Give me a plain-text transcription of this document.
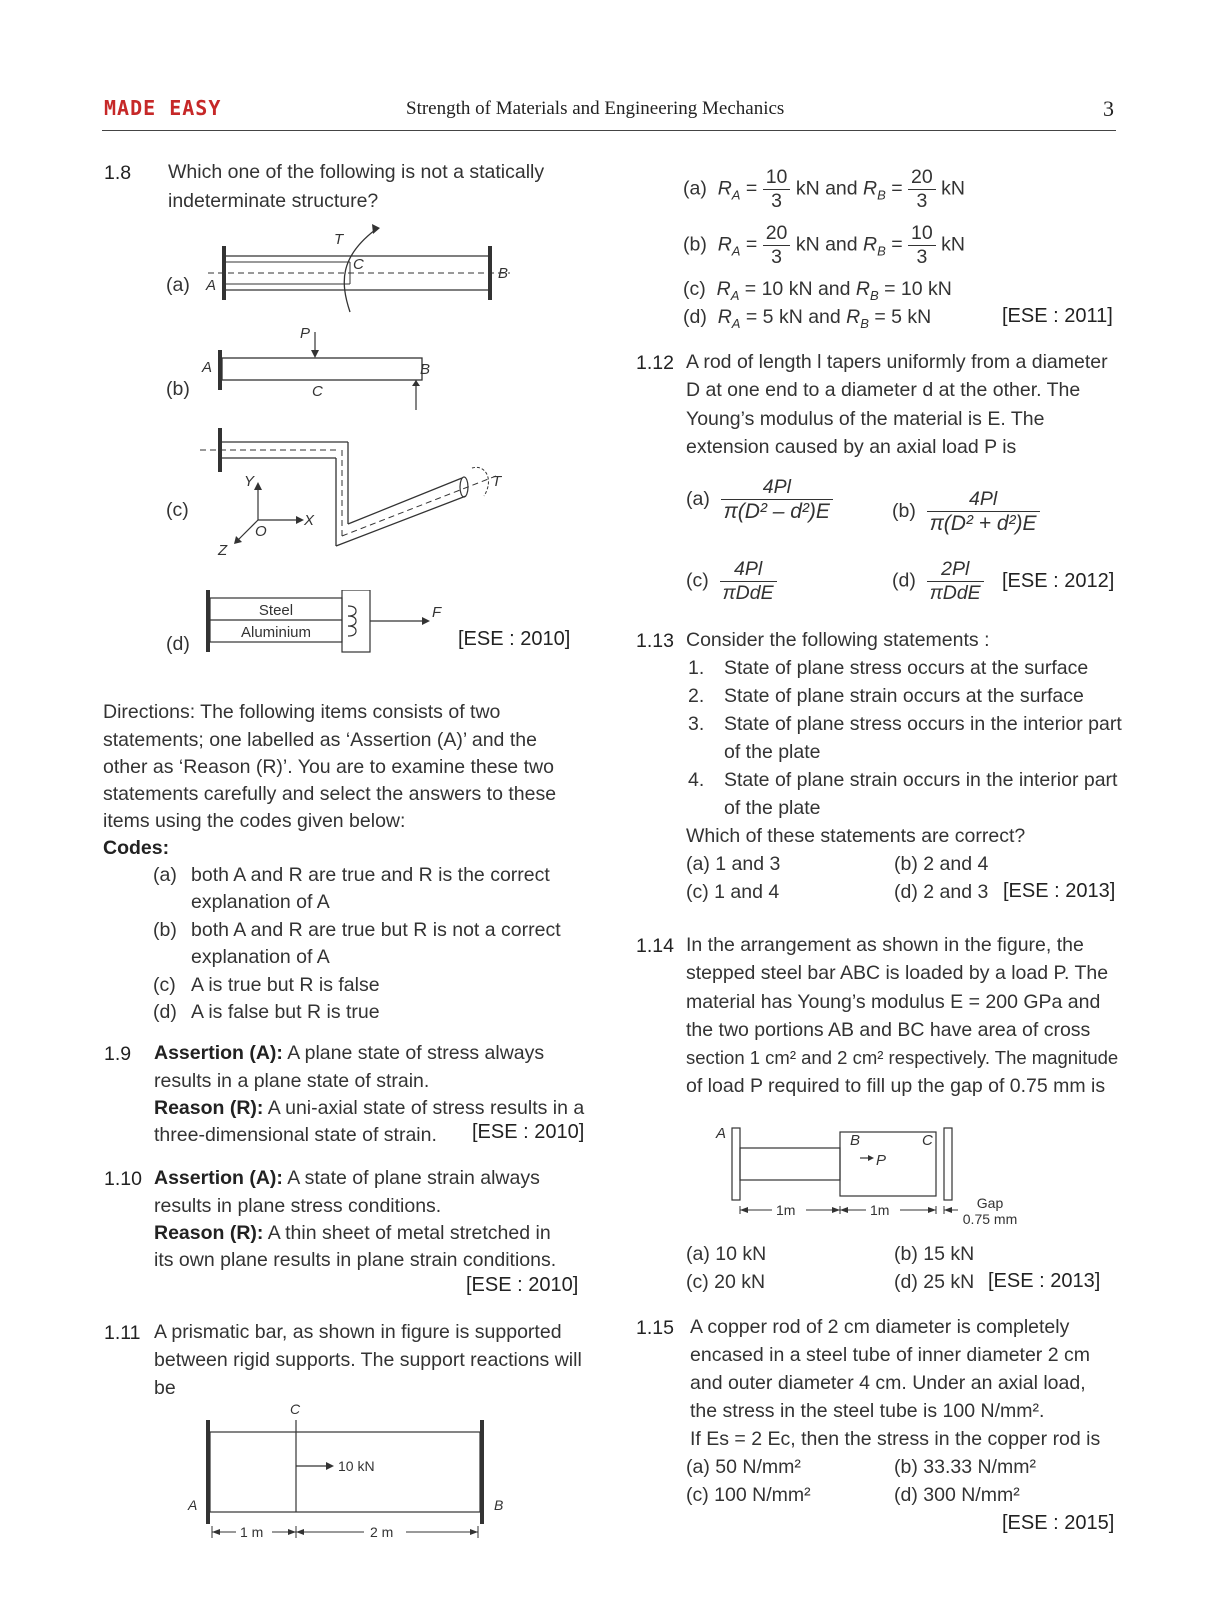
MADE EASY	Strength of Materials and Engineering Mechanics	3
1.8 Which one of the following is not a statically
indeterminate structure?
(a)
(b)
(c)
(d)
A
T
C
B
P
A	B
C
Y
X
O
Z
T
Steel
Aluminium
F
[ESE : 2010]
Directions: The following items consists of two
statements; one labelled as ‘Assertion (A)’ and the
other as ‘Reason (R)’. You are to examine these two
statements carefully and select the answers to these
items using the codes given below:
Codes:
(a) both A and R are true and R is the correct
explanation of A
(b) both A and R are true but R is not a correct
explanation of A
(c) A is true but R is false
(d) A is false but R is true
1.9 Assertion (A): A plane state of stress always
results in a plane state of strain.
Reason (R): A uni-axial state of stress results in a
three-dimensional state of strain. [ESE : 2010]
1.10 Assertion (A): A state of plane strain always
results in plane stress conditions.
Reason (R): A thin sheet of metal stretched in
its own plane results in plane strain conditions.
[ESE : 2010]
1.11 A prismatic bar, as shown in figure is supported
between rigid supports. The support reactions will
be
C
10 kN
A	B
1 m	2 m
(a) $R_A = \frac{10}{3}$ kN and $R_B = \frac{20}{3}$ kN
(b) $R_A = \frac{20}{3}$ kN and $R_B = \frac{10}{3}$ kN
(c) $R_A = 10$ kN and $R_B = 10$ kN
(d) $R_A = 5$ kN and $R_B = 5$ kN	[ESE : 2011]
1.12 A rod of length l tapers uniformly from a diameter
D at one end to a diameter d at the other. The
Young’s modulus of the material is E. The
extension caused by an axial load P is
$(a) \frac{4Pl}{\text{π(D² – d²)E}}$	$(b) \frac{4Pl}{\text{π(D² + d²)E}}$
$(c) \frac{4Pl}{\text{πDdE}}$	$(d) \frac{2Pl}{\text{πDdE}} [ESE$ : 2012]
1.13 Consider the following statements :
1. State of plane stress occurs at the surface
2. State of plane strain occurs at the surface
3. State of plane stress occurs in the interior part
of the plate
4. State of plane strain occurs in the interior part
of the plate
Which of these statements are correct?
(a) 1 and 3	(b) 2 and 4
(c) 1 and 4	(d) 2 and 3 [ESE : 2013]
1.14 In the arrangement as shown in the figure, the
stepped steel bar ABC is loaded by a load P. The
material has Young’s modulus E = 200 GPa and
the two portions AB and BC have area of cross
section 1 cm² and 2 cm² respectively. The magnitude
of load P required to fill up the gap of 0.75 mm is
A	B
P
C
1m	1m	Gap
0.75 mm
(a) 10 kN	(b) 15 kN
(c) 20 kN	(d) 25 kN [ESE : 2013]
1.15 A copper rod of 2 cm diameter is completely
encased in a steel tube of inner diameter 2 cm
and outer diameter 4 cm. Under an axial load,
the stress in the steel tube is 100 N/mm².
If Es = 2 Ec, then the stress in the copper rod is
(a) 50 N/mm²	(b) 33.33 N/mm²
(c) 100 N/mm²	(d) 300 N/mm²
[ESE : 2015]
